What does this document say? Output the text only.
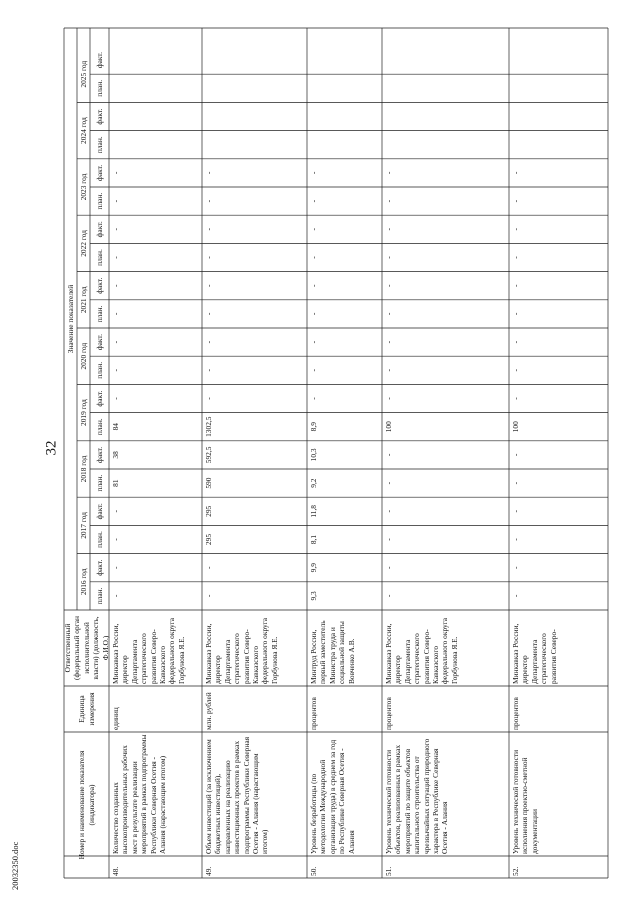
32
20032350.doc
Номер и наименование показателя (индикатора)
Единица измерения
Ответственный (федеральный орган исполнительной власти) (должность, Ф.И.О.)
Значение показателей
2016 год
2017 год
2018 год
2019 год
2020 год
2021 год
2022 год
2023 год
2024 год
2025 год
план.
факт.
план.
факт.
план.
факт.
план.
факт.
план.
факт.
план.
факт.
план.
факт.
план.
факт.
план.
факт.
план.
факт.
48.
Количество созданных высокопроизводительных рабочих мест в результате реализации мероприятий в рамках подпрограммы Республики Северная Осетия - Алания (нарастающим итогом)
единиц
Минкавказ России, директор Департамента стратегического развития Северо-Кавказского федерального округа Горбунова Я.Е.
-
-
-
-
81
38
84
-
-
-
-
-
-
-
-
-
49.
Объем инвестиций (за исключением бюджетных инвестиций), направленных на реализацию инвестиционных проектов в рамках подпрограммы Республики Северная Осетия - Алания (нарастающим итогом)
млн. рублей
Минкавказ России, директор Департамента стратегического развития Северо-Кавказского федерального округа Горбунова Я.Е.
-
-
295
295
590
592,5
1302,5
-
-
-
-
-
-
-
-
-
50.
Уровень безработицы (по методологии Международной организации труда) в среднем за год по Республике Северная Осетия - Алания
процентов
Минтруд России, первый заместитель Министра труда и социальной защиты Вовченко А.В.
9,3
9,9
8,1
11,8
9,2
10,3
8,9
-
-
-
-
-
-
-
-
-
51.
Уровень технической готовности объектов, реализованных в рамках мероприятий по защите объектов капитального строительства от чрезвычайных ситуаций природного характера в Республике Северная Осетия - Алания
процентов
Минкавказ России, директор Департамента стратегического развития Северо-Кавказского федерального округа Горбунова Я.Е.
-
-
-
-
-
-
100
-
-
-
-
-
-
-
-
-
52.
Уровень технической готовности исполнения проектно-сметной документации
процентов
Минкавказ России, директор Департамента стратегического развития Северо-
-
-
-
-
-
-
100
-
-
-
-
-
-
-
-
-
